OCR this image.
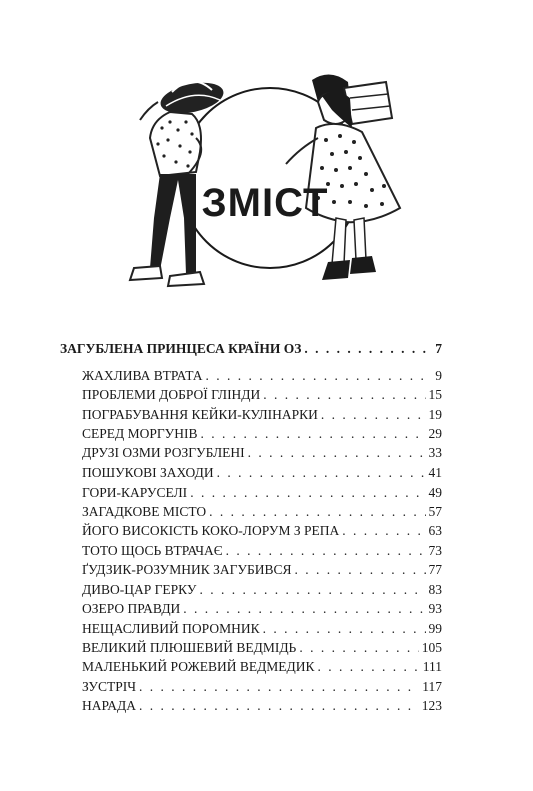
ЗМІСТ
ЗАГУБЛЕНА ПРИНЦЕСА КРАЇНИ ОЗ . . .	7
ЖАХЛИВА ВТРАТА . . .	9
ПРОБЛЕМИ ДОБРОЇ ГЛІНДИ . . .	15
ПОГРАБУВАННЯ КЕЙКИ-КУЛІНАРКИ . . .	19
СЕРЕД МОРГУНІВ . . .	29
ДРУЗІ ОЗМИ РОЗГУБЛЕНІ . . .	33
ПОШУКОВІ ЗАХОДИ . . .	41
ГОРИ-КАРУСЕЛІ . . .	49
ЗАГАДКОВЕ МІСТО . . .	57
ЙОГО ВИСОКІСТЬ КОКО-ЛОРУМ З РЕПА . . .	63
ТОТО ЩОСЬ ВТРАЧАЄ . . .	73
ҐУДЗИК-РОЗУМНИК ЗАГУБИВСЯ . . .	77
ДИВО-ЦАР ГЕРКУ . . .	83
ОЗЕРО ПРАВДИ . . .	93
НЕЩАСЛИВИЙ ПОРОМНИК . . .	99
ВЕЛИКИЙ ПЛЮШЕВИЙ ВЕДМІДЬ . . .	105
МАЛЕНЬКИЙ РОЖЕВИЙ ВЕДМЕДИК . . .	111
ЗУСТРІЧ . . .	117
НАРАДА . . .	123
